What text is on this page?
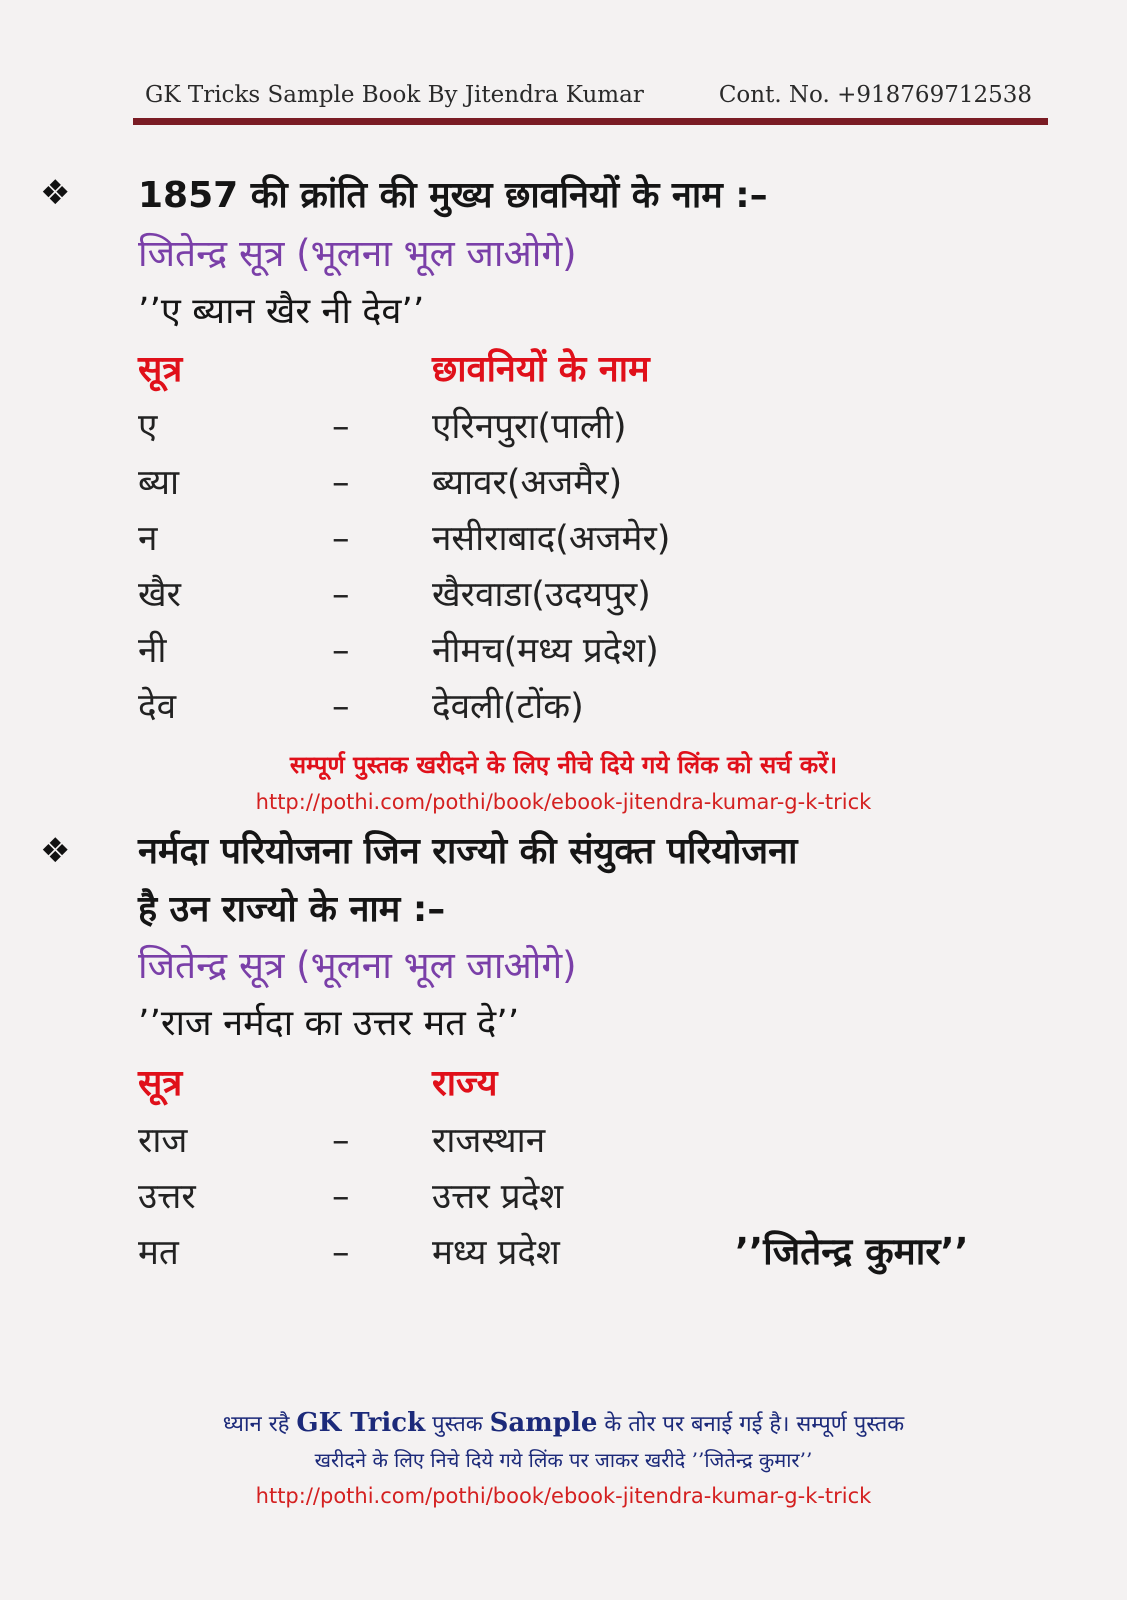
GK Tricks Sample Book By Jitendra Kumar	Cont. No. +918769712538
❖ 1857 की क्रांति की मुख्य छावनियों के नाम :–
जितेन्द्र सूत्र (भूलना भूल जाओगे)
’’ए ब्यान खैर नी देव’’
सूत्र	छावनियों के नाम
ए	– एरिनपुरा(पाली)
ब्या	– ब्यावर(अजमैर)
न	– नसीराबाद(अजमेर)
खैर	– खैरवाडा(उदयपुर)
नी	– नीमच(मध्य प्रदेश)
देव	– देवली(टोंक)
सम्पूर्ण पुस्तक खरीदने के लिए नीचे दिये गये लिंक को सर्च करें।
http://pothi.com/pothi/book/ebook-jitendra-kumar-g-k-trick
❖ नर्मदा परियोजना जिन राज्यो की संयुक्त परियोजना
है उन राज्यो के नाम :–
जितेन्द्र सूत्र (भूलना भूल जाओगे)
’’राज नर्मदा का उत्तर मत दे’’
सूत्र	राज्य
राज	– राजस्थान
उत्तर	– उत्तर प्रदेश
मत	– मध्य प्रदेश	’’जितेन्द्र कुमार’’
ध्यान रहै GK Trick पुस्तक Sample के तोर पर बनाई गई है। सम्पूर्ण पुस्तक
खरीदने के लिए निचे दिये गये लिंक पर जाकर खरीदे ’’जितेन्द्र कुमार’’
http://pothi.com/pothi/book/ebook-jitendra-kumar-g-k-trick
